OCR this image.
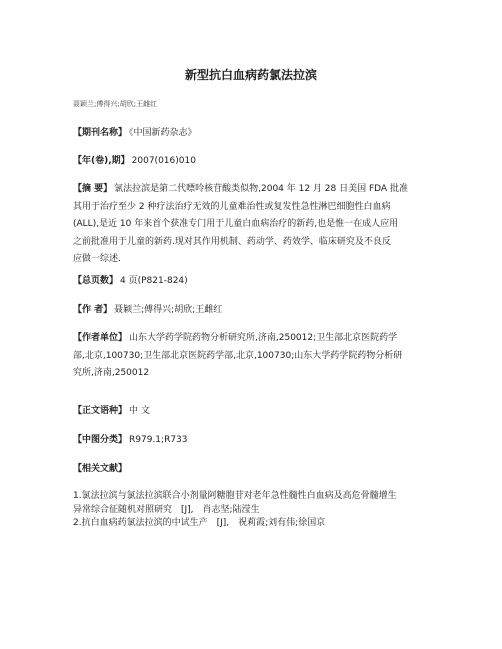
新型抗白血病药氯法拉滨
聂颖兰;傅得兴;胡欣;王雌红
【期刊名称】 《中国新药杂志》
【年(卷),期】 2007(016)010
【摘 要】 氯法拉滨是第二代嘌呤核苷酸类似物,2004 年 12 月 28 日美国 FDA 批准
其用于治疗至少 2 种疗法治疗无效的儿童难治性或复发性急性淋巴细胞性白血病
(ALL),是近 10 年来首个获准专门用于儿童白血病治疗的新药,也是惟一在成人应用
之前批准用于儿童的新药.现对其作用机制、药动学、药效学、临床研究及不良反
应做一综述.
【总页数】 4 页(P821-824)
【作 者】 聂颖兰;傅得兴;胡欣;王雌红
【作者单位】 山东大学药学院药物分析研究所,济南,250012;卫生部北京医院药学
部,北京,100730;卫生部北京医院药学部,北京,100730;山东大学药学院药物分析研
究所,济南,250012
【正文语种】 中 文
【中图分类】 R979.1;R733
【相关文献】
1.氯法拉滨与氯法拉滨联合小剂量阿糖胞苷对老年急性髓性白血病及高危骨髓增生
异常综合征随机对照研究　[J],　肖志坚;陆滢生
2.抗白血病药氯法拉滨的中试生产　[J],　祝莉霞;刘有伟;徐国京
